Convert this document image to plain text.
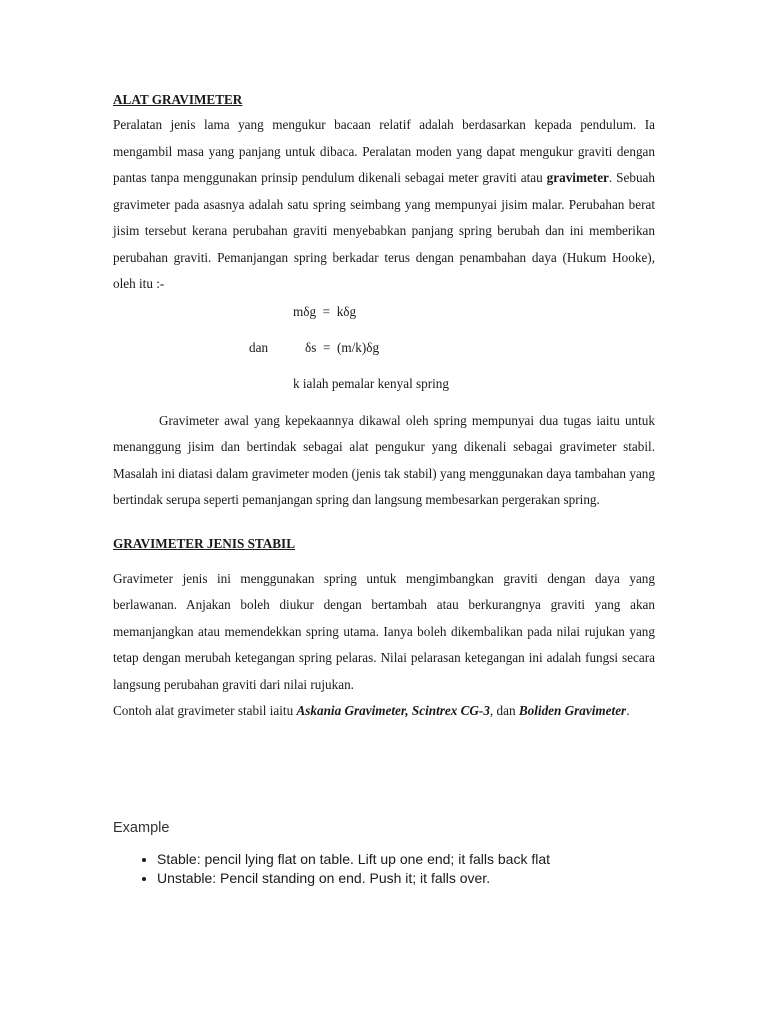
ALAT GRAVIMETER

Peralatan jenis lama yang mengukur bacaan relatif adalah berdasarkan kepada pendulum. Ia mengambil masa yang panjang untuk dibaca. Peralatan moden yang dapat mengukur graviti dengan pantas tanpa menggunakan prinsip pendulum dikenali sebagai meter graviti atau gravimeter. Sebuah gravimeter pada asasnya adalah satu spring seimbang yang mempunyai jisim malar. Perubahan berat jisim tersebut kerana perubahan graviti menyebabkan panjang spring berubah dan ini memberikan perubahan graviti. Pemanjangan spring berkadar terus dengan penambahan daya (Hukum Hooke), oleh itu :-

mδg  =  kδg
dan	δs  =  (m/k)δg
k ialah pemalar kenyal spring

Gravimeter awal yang kepekaannya dikawal oleh spring mempunyai dua tugas iaitu untuk menanggung jisim dan bertindak sebagai alat pengukur yang dikenali sebagai gravimeter stabil. Masalah ini diatasi dalam gravimeter moden (jenis tak stabil) yang menggunakan daya tambahan yang bertindak serupa seperti pemanjangan spring dan langsung membesarkan pergerakan spring.

GRAVIMETER JENIS STABIL

Gravimeter jenis ini menggunakan spring untuk mengimbangkan graviti dengan daya yang berlawanan. Anjakan boleh diukur dengan bertambah atau berkurangnya graviti yang akan memanjangkan atau memendekkan spring utama. Ianya boleh dikembalikan pada nilai rujukan yang tetap dengan merubah ketegangan spring pelaras. Nilai pelarasan ketegangan ini adalah fungsi secara langsung perubahan graviti dari nilai rujukan.

Contoh alat gravimeter stabil iaitu Askania Gravimeter, Scintrex CG-3, dan Boliden Gravimeter.

Example

• Stable: pencil lying flat on table. Lift up one end; it falls back flat
• Unstable: Pencil standing on end. Push it; it falls over.
